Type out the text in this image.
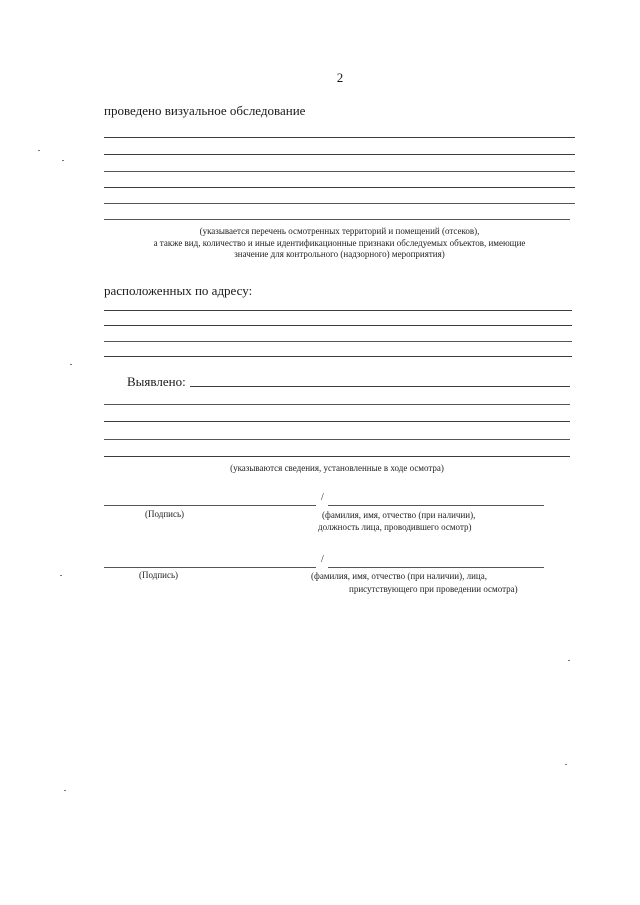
2
проведено визуальное обследование
(указывается перечень осмотренных территорий и помещений (отсеков),
а также вид, количество и иные идентификационные признаки обследуемых объектов, имеющие
значение для контрольного (надзорного) мероприятия)
расположенных по адресу:
Выявлено:
(указываются сведения, установленные в ходе осмотра)
/
(Подпись)	(фамилия, имя, отчество (при наличии),
должность лица, проводившего осмотр)
/
(Подпись)	(фамилия, имя, отчество (при наличии), лица,
присутствующего при проведении осмотра)
